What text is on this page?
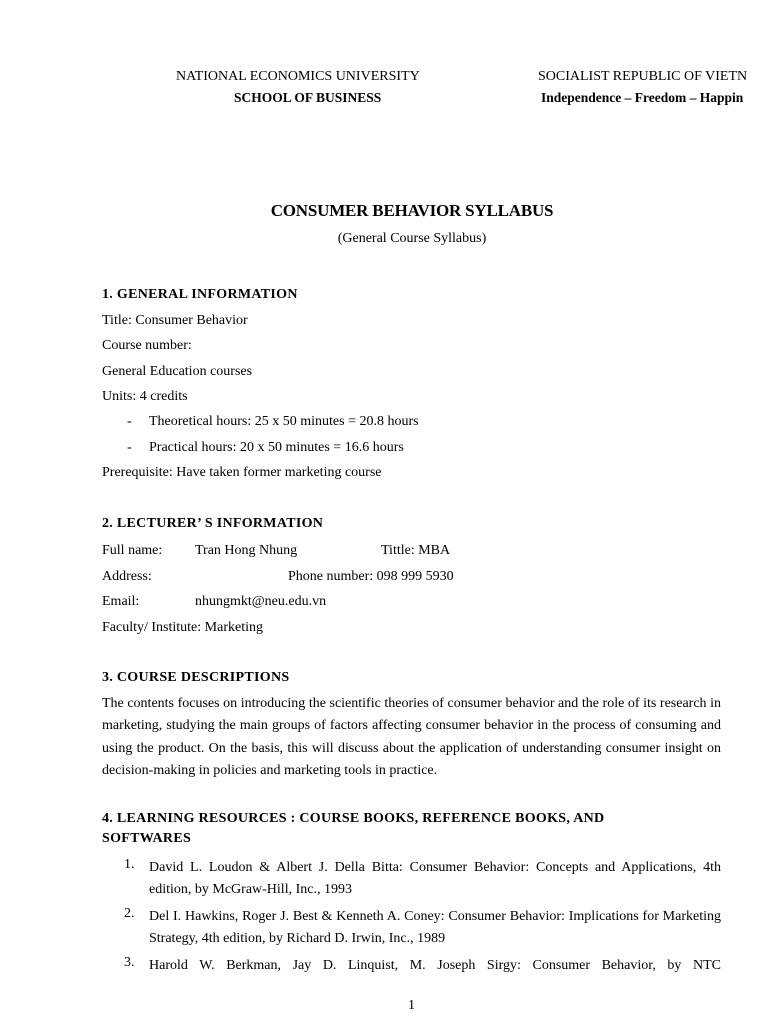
NATIONAL ECONOMICS UNIVERSITY
SCHOOL OF BUSINESS
SOCIALIST REPUBLIC OF VIETN
Independence – Freedom – Happin
CONSUMER BEHAVIOR SYLLABUS
(General Course Syllabus)
1. GENERAL INFORMATION
Title: Consumer Behavior
Course number:
General Education courses
Units: 4 credits
- Theoretical hours: 25 x 50 minutes = 20.8 hours
- Practical hours: 20 x 50 minutes = 16.6 hours
Prerequisite: Have taken former marketing course
2. LECTURER’ S INFORMATION
Full name: Tran Hong Nhung	Tittle: MBA
Address:	Phone number: 098 999 5930
Email:	nhungmkt@neu.edu.vn
Faculty/ Institute: Marketing
3. COURSE DESCRIPTIONS
The contents focuses on introducing the scientific theories of consumer behavior and the role of its research in marketing, studying the main groups of factors affecting consumer behavior in the process of consuming and using the product. On the basis, this will discuss about the application of understanding consumer insight on decision-making in policies and marketing tools in practice.
4. LEARNING RESOURCES : COURSE BOOKS, REFERENCE BOOKS, AND
SOFTWARES
1. David L. Loudon & Albert J. Della Bitta: Consumer Behavior: Concepts and Applications, 4th edition, by McGraw-Hill, Inc., 1993
2. Del I. Hawkins, Roger J. Best & Kenneth A. Coney: Consumer Behavior: Implications for Marketing Strategy, 4th edition, by Richard D. Irwin, Inc., 1989
3. Harold W. Berkman, Jay D. Linquist, M. Joseph Sirgy: Consumer Behavior, by NTC
1
